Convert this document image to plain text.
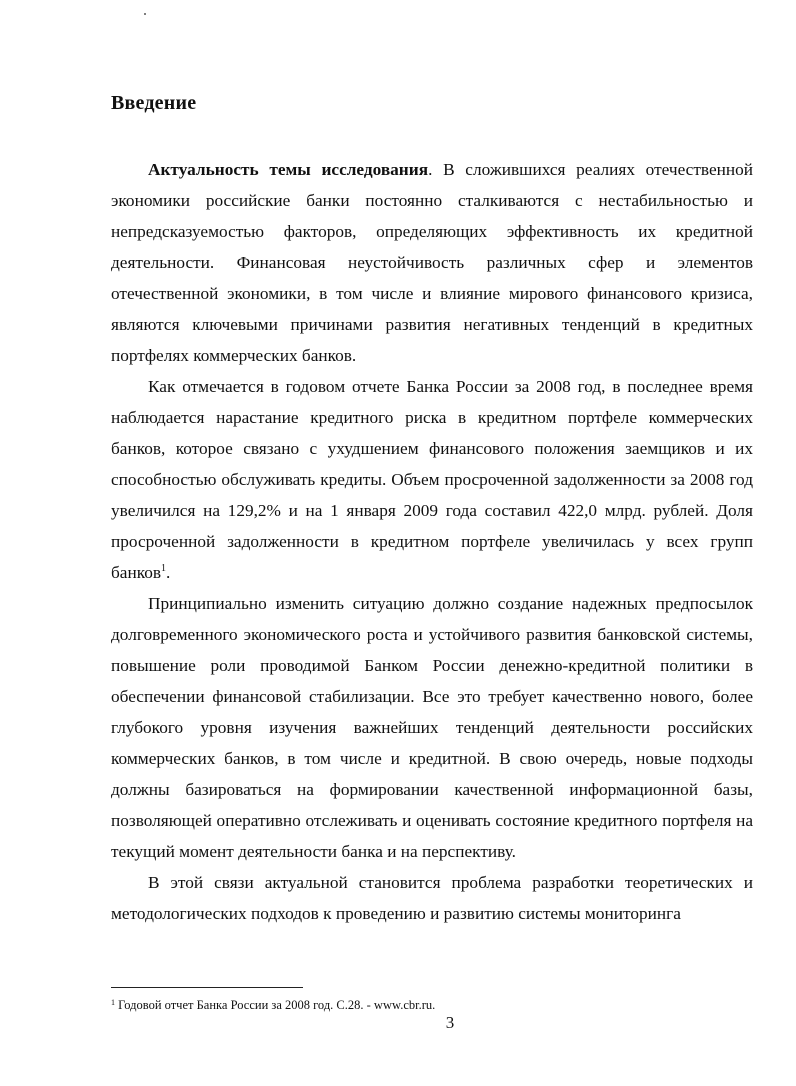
Введение

Актуальность темы исследования. В сложившихся реалиях отечественной экономики российские банки постоянно сталкиваются с нестабильностью и непредсказуемостью факторов, определяющих эффективность их кредитной деятельности. Финансовая неустойчивость различных сфер и элементов отечественной экономики, в том числе и влияние мирового финансового кризиса, являются ключевыми причинами развития негативных тенденций в кредитных портфелях коммерческих банков.

Как отмечается в годовом отчете Банка России за 2008 год, в последнее время наблюдается нарастание кредитного риска в кредитном портфеле коммерческих банков, которое связано с ухудшением финансового положения заемщиков и их способностью обслуживать кредиты. Объем просроченной задолженности за 2008 год увеличился на 129,2% и на 1 января 2009 года составил 422,0 млрд. рублей. Доля просроченной задолженности в кредитном портфеле увеличилась у всех групп банков$^1$.

Принципиально изменить ситуацию должно создание надежных предпосылок долговременного экономического роста и устойчивого развития банковской системы, повышение роли проводимой Банком России денежно-кредитной политики в обеспечении финансовой стабилизации. Все это требует качественно нового, более глубокого уровня изучения важнейших тенденций деятельности российских коммерческих банков, в том числе и кредитной. В свою очередь, новые подходы должны базироваться на формировании качественной информационной базы, позволяющей оперативно отслеживать и оценивать состояние кредитного портфеля на текущий момент деятельности банка и на перспективу.

В этой связи актуальной становится проблема разработки теоретических и методологических подходов к проведению и развитию системы мониторинга

$^1$ Годовой отчет Банка России за 2008 год. С.28. - www.cbr.ru.
3
